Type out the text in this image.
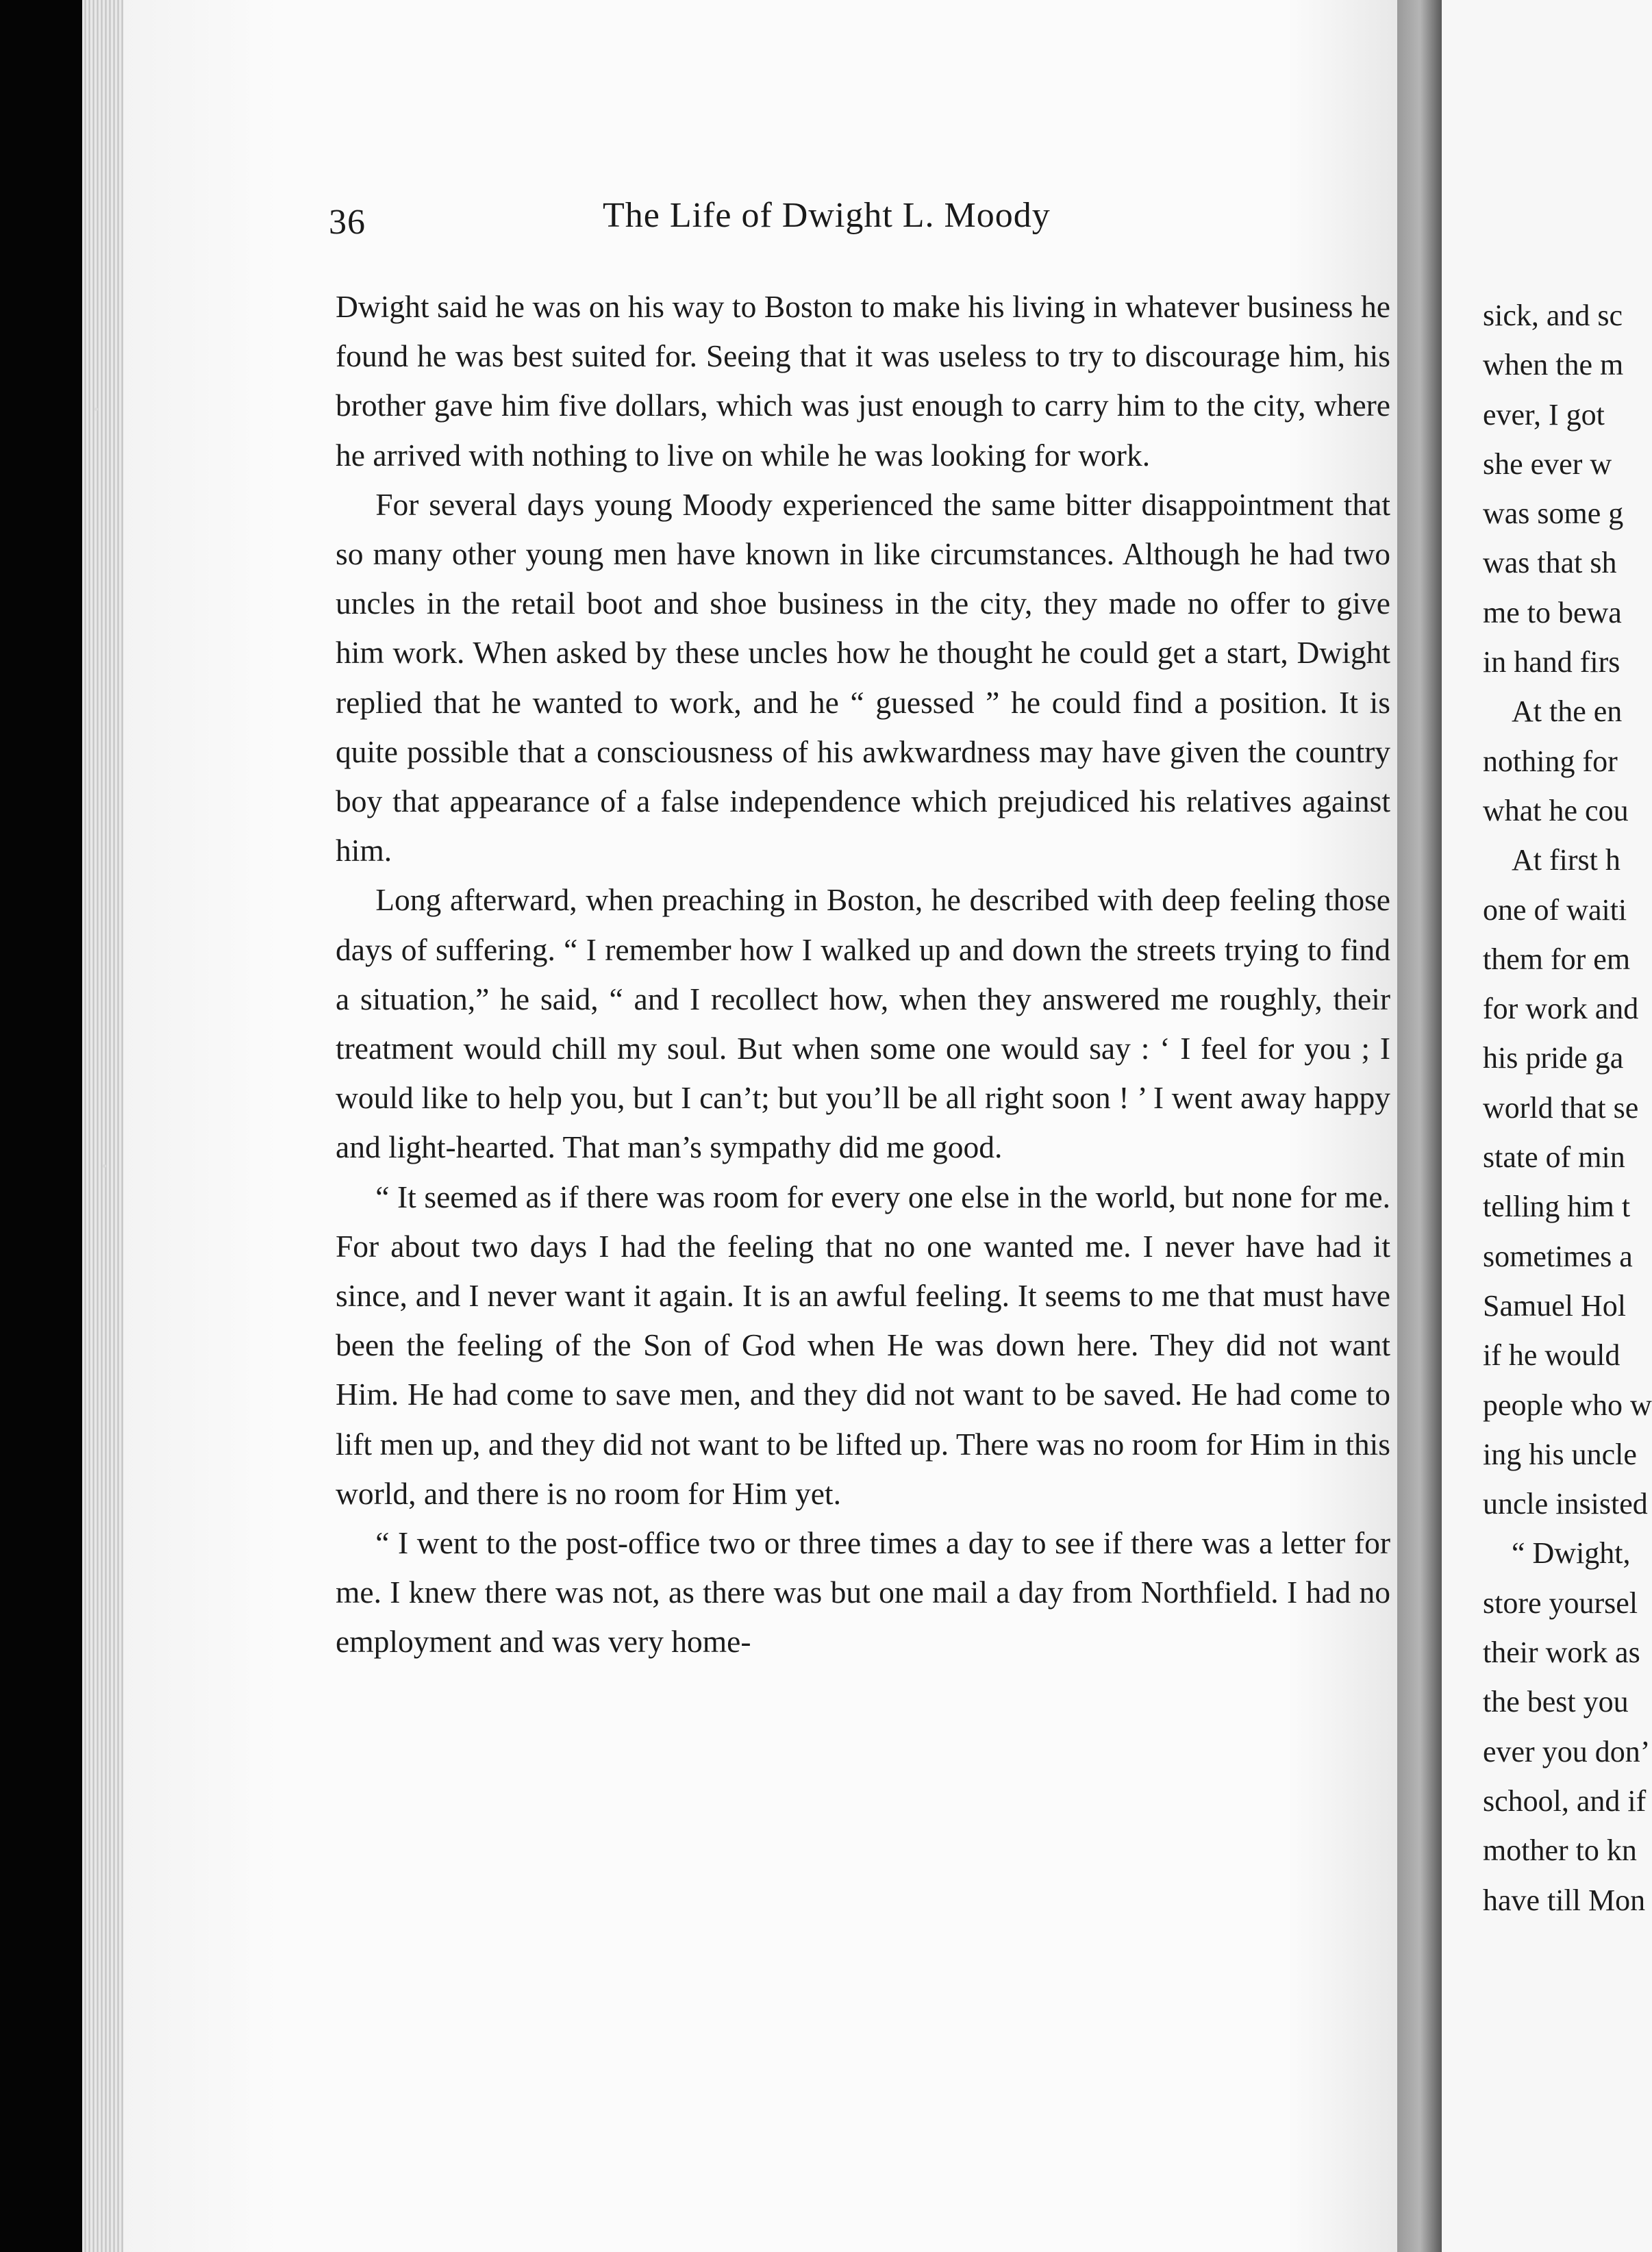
36	The Life of Dwight L. Moody

Dwight said he was on his way to Boston to make his living in whatever business he found he was best suited for. Seeing that it was useless to try to discourage him, his brother gave him five dollars, which was just enough to carry him to the city, where he arrived with nothing to live on while he was looking for work.

For several days young Moody experienced the same bitter disappointment that so many other young men have known in like circumstances. Although he had two uncles in the retail boot and shoe business in the city, they made no offer to give him work. When asked by these uncles how he thought he could get a start, Dwight replied that he wanted to work, and he “ guessed ” he could find a position. It is quite possible that a consciousness of his awkwardness may have given the country boy that appearance of a false independence which prejudiced his relatives against him.

Long afterward, when preaching in Boston, he described with deep feeling those days of suffering. “ I remember how I walked up and down the streets trying to find a situation,” he said, “ and I recollect how, when they answered me roughly, their treatment would chill my soul. But when some one would say : ‘ I feel for you ; I would like to help you, but I can’t; but you’ll be all right soon ! ’ I went away happy and light-hearted. That man’s sympathy did me good.

“ It seemed as if there was room for every one else in the world, but none for me. For about two days I had the feeling that no one wanted me. I never have had it since, and I never want it again. It is an awful feeling. It seems to me that must have been the feeling of the Son of God when He was down here. They did not want Him. He had come to save men, and they did not want to be saved. He had come to lift men up, and they did not want to be lifted up. There was no room for Him in this world, and there is no room for Him yet.

“ I went to the post-office two or three times a day to see if there was a letter for me. I knew there was not, as there was but one mail a day from Northfield. I had no employment and was very home-

sick, and sc
when the m
ever, I got
she ever w
was some g
was that sh
me to bewa
in hand firs
At the en
nothing for
what he cou
At first h
one of waiti
them for em
for work and
his pride ga
world that se
state of min
telling him t
sometimes a
Samuel Hol
if he would
people who w
ing his uncle
uncle insisted
“ Dwight,
store yoursel
their work as
the best you
ever you don’
school, and if
mother to kn
have till Mon
